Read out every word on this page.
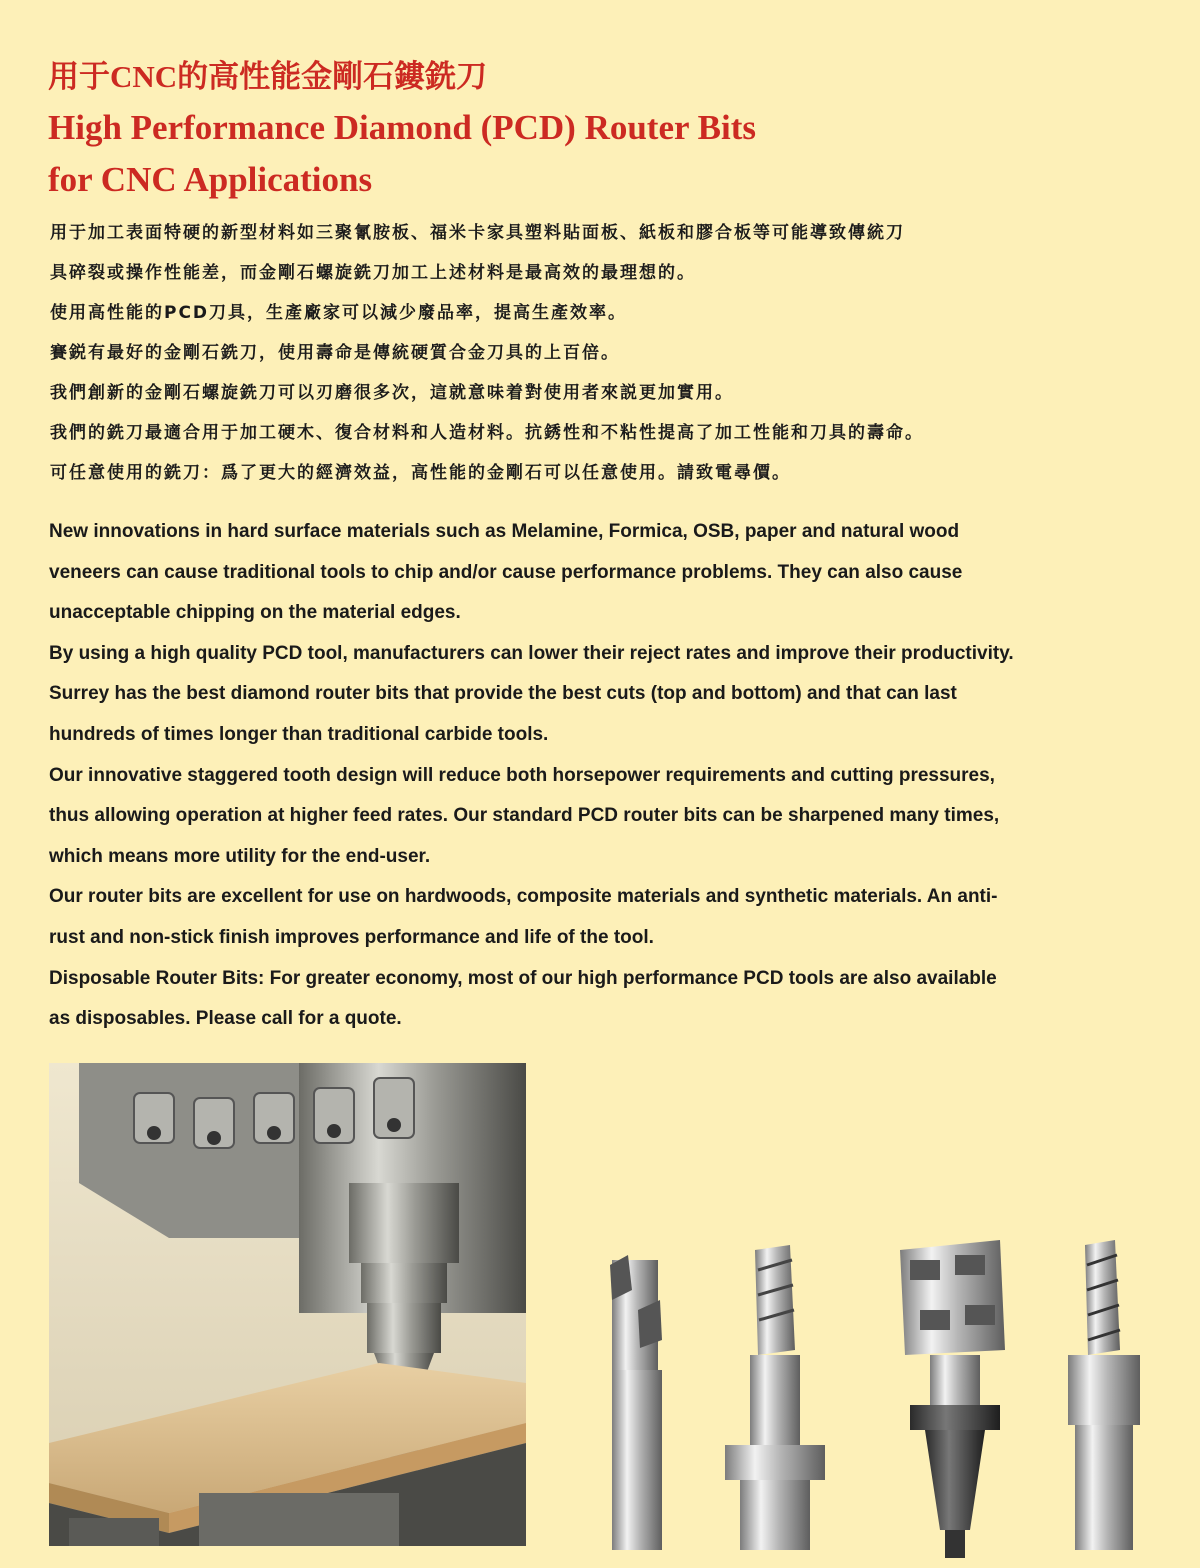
用于CNC的高性能金剛石鏤銑刀
High Performance Diamond (PCD) Router Bits
for CNC Applications
用于加工表面特硬的新型材料如三聚氰胺板、福米卡家具塑料貼面板、紙板和膠合板等可能導致傳統刀
具碎裂或操作性能差，而金剛石螺旋銑刀加工上述材料是最高效的最理想的。
使用高性能的PCD刀具，生產廠家可以減少廢品率，提高生產效率。
賽鋭有最好的金剛石銑刀，使用壽命是傳統硬質合金刀具的上百倍。
我們創新的金剛石螺旋銑刀可以刃磨很多次，這就意味着對使用者來説更加實用。
我們的銑刀最適合用于加工硬木、復合材料和人造材料。抗銹性和不粘性提高了加工性能和刀具的壽命。
可任意使用的銑刀：爲了更大的經濟效益，高性能的金剛石可以任意使用。請致電尋價。
New innovations in hard surface materials such as Melamine, Formica, OSB, paper and natural wood
veneers can cause traditional tools to chip and/or cause performance problems. They can also cause
unacceptable chipping on the material edges.
By using a high quality PCD tool, manufacturers can lower their reject rates and improve their productivity.
Surrey has the best diamond router bits that provide the best cuts (top and bottom) and that can last
hundreds of times longer than traditional carbide tools.
Our innovative staggered tooth design will reduce both horsepower requirements and cutting pressures,
thus allowing operation at higher feed rates. Our standard PCD router bits can be sharpened many times,
which means more utility for the end-user.
Our router bits are excellent for use on hardwoods, composite materials and synthetic materials. An anti-
rust and non-stick finish improves performance and life of the tool.
Disposable Router Bits: For greater economy, most of our high performance PCD tools are also available
as disposables. Please call for a quote.
